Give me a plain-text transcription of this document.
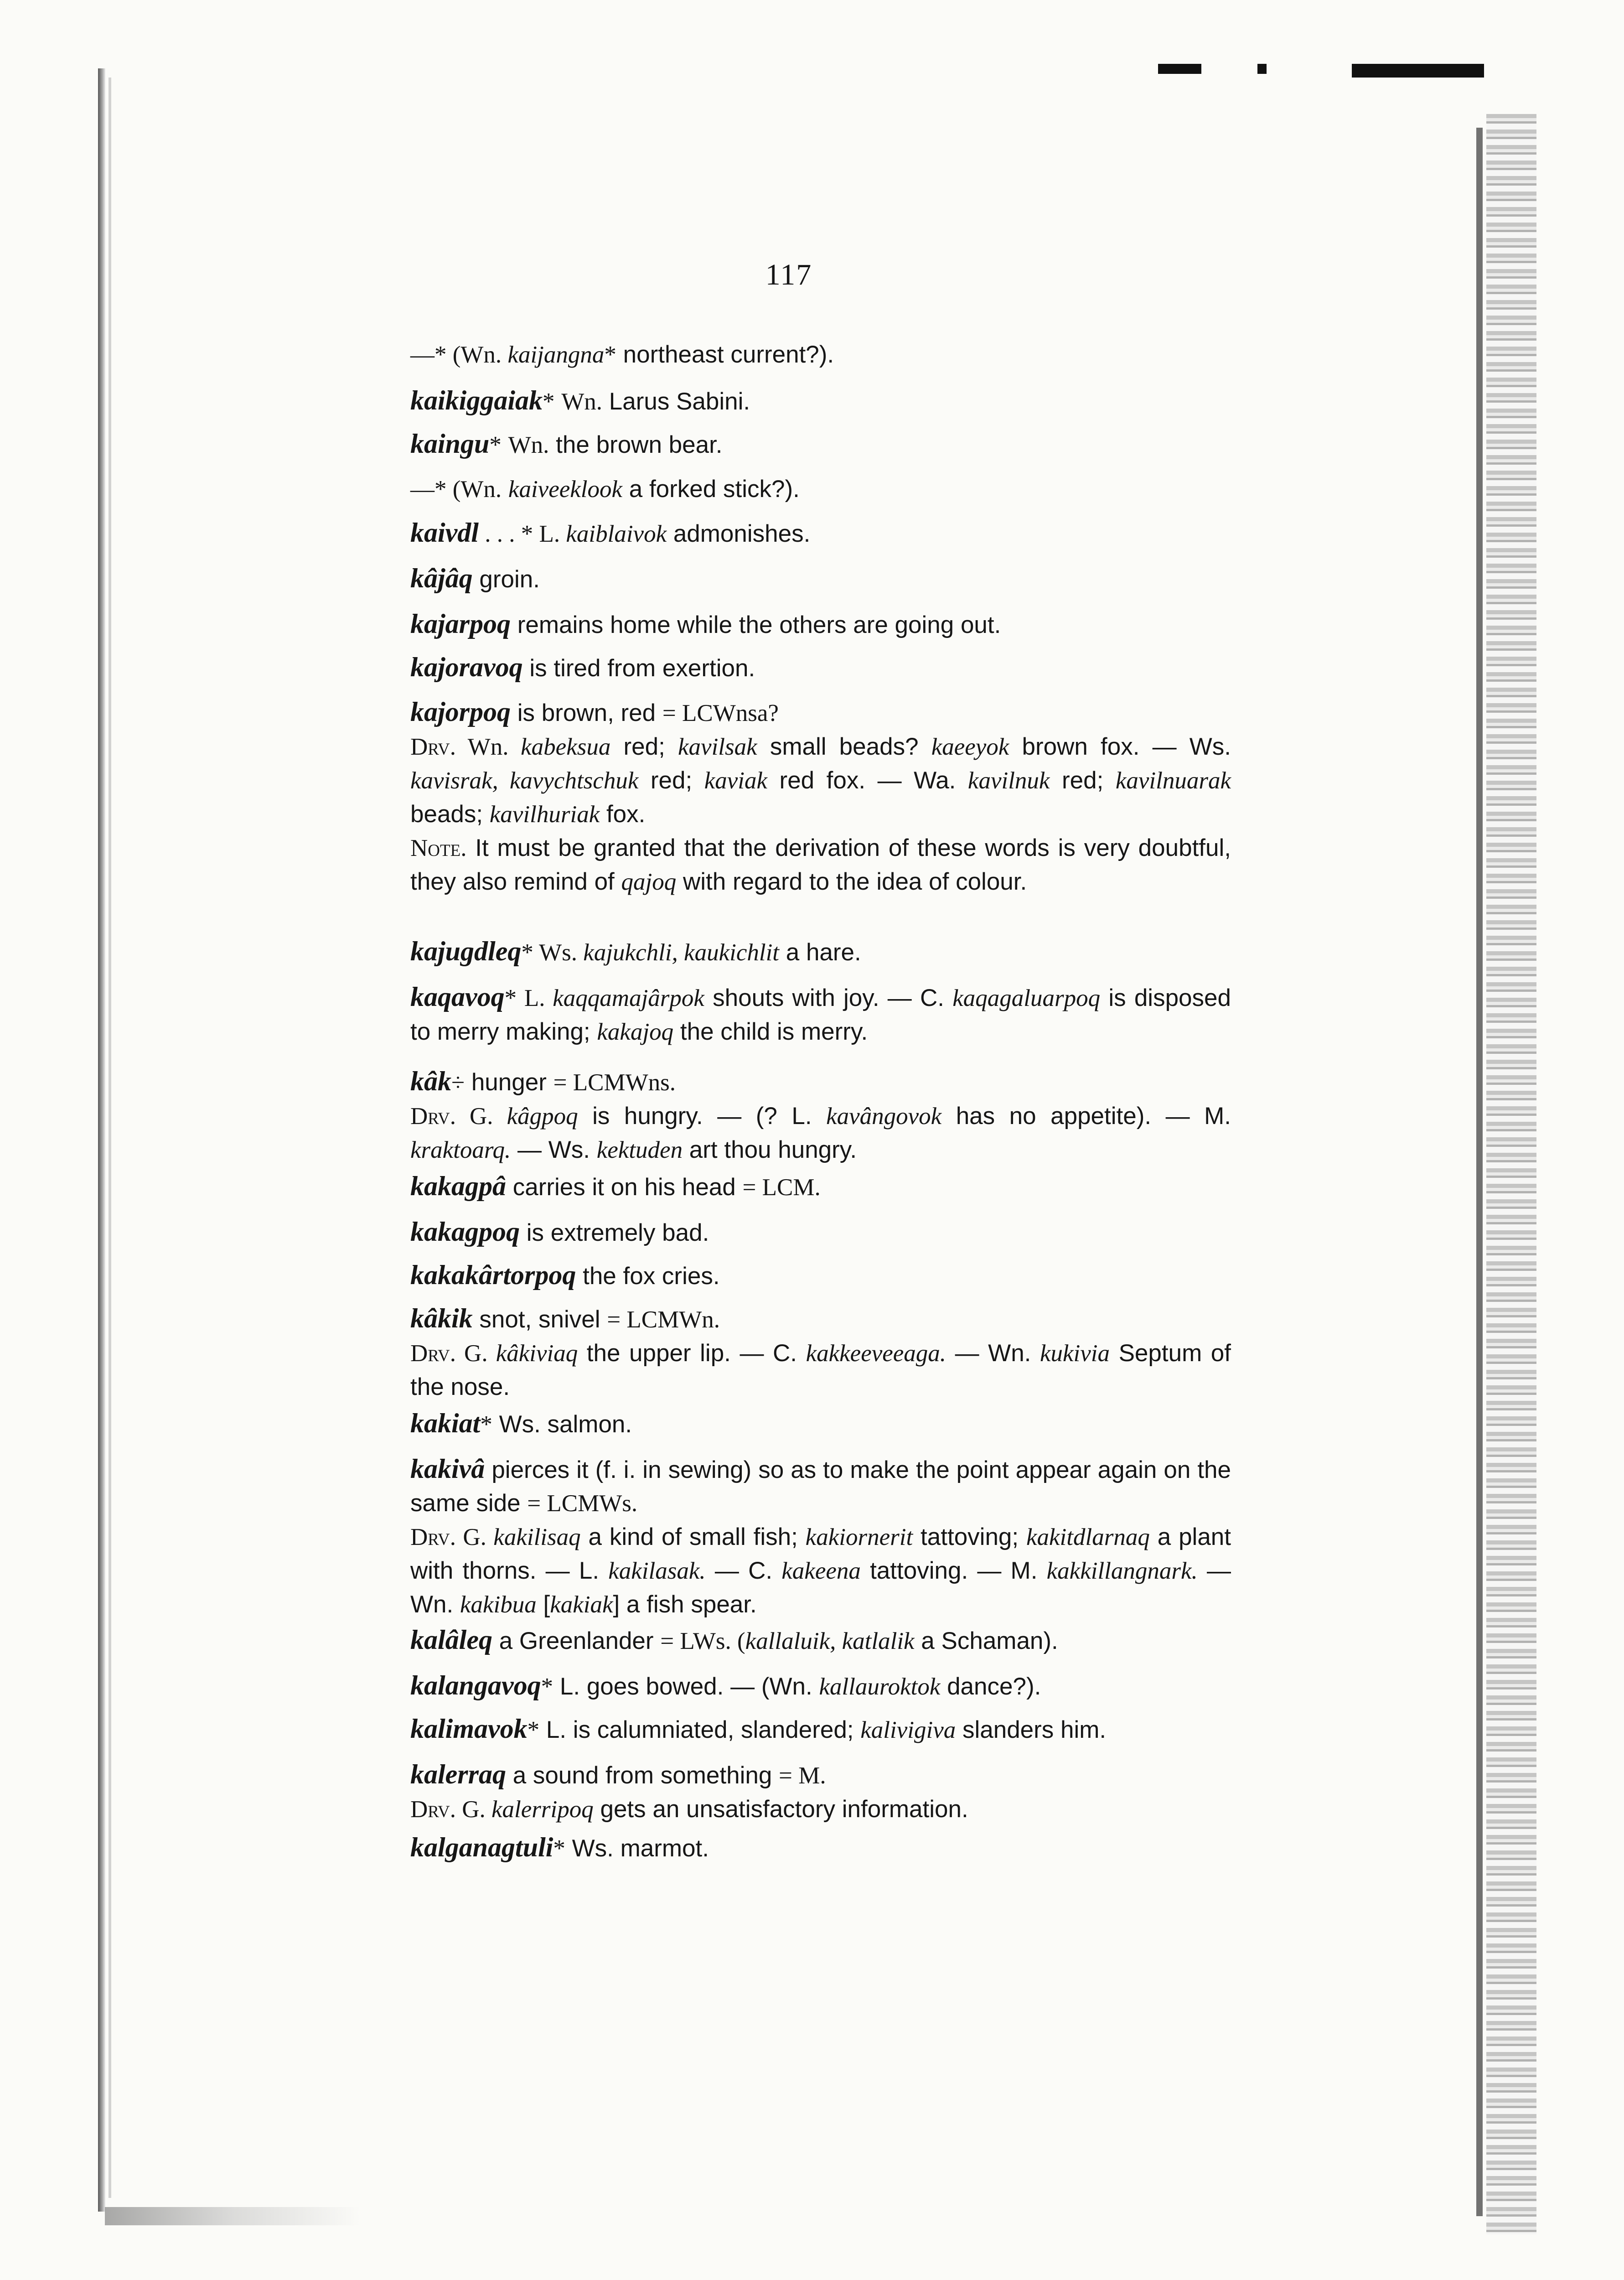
117
—* (Wn. kaijangna* northeast current?).
kaikiggaiak* Wn. Larus Sabini.
kaingu* Wn. the brown bear.
—* (Wn. kaiveeklook a forked stick?).
kaivdl . . . * L. kaiblaivok admonishes.
kâjâq groin.
kajarpoq remains home while the others are going out.
kajoravoq is tired from exertion.
kajorpoq is brown, red = LCWnsa?
Drv. Wn. kabeksua red; kavilsak small beads? kaeeyok brown fox. — Ws. kavisrak, kavychtschuk red; kaviak red fox. — Wa. kavilnuk red; kavilnuarak beads; kavilhuriak fox.
Note. It must be granted that the derivation of these words is very doubtful, they also remind of qajoq with regard to the idea of colour.
kajugdleq* Ws. kajukchli, kaukichlit a hare.
kaqavoq* L. kaqqamajârpok shouts with joy. — C. kaqagaluarpoq is disposed to merry making; kakajoq the child is merry.
kâk÷ hunger = LCMWns.
Drv. G. kâgpoq is hungry. — (? L. kavângovok has no appetite). — M. kraktoarq. — Ws. kektuden art thou hungry.
kakagpâ carries it on his head = LCM.
kakagpoq is extremely bad.
kakakârtorpoq the fox cries.
kâkik snot, snivel = LCMWn.
Drv. G. kâkiviaq the upper lip. — C. kakkeeveeaga. — Wn. kukivia Septum of the nose.
kakiat* Ws. salmon.
kakivâ pierces it (f. i. in sewing) so as to make the point appear again on the same side = LCMWs.
Drv. G. kakilisaq a kind of small fish; kakiornerit tattoving; kakitdlarnaq a plant with thorns. — L. kakilasak. — C. kakeena tattoving. — M. kakkillangnark. — Wn. kakibua [kakiak] a fish spear.
kalâleq a Greenlander = LWs. (kallaluik, katlalik a Schaman).
kalangavoq* L. goes bowed. — (Wn. kallauroktok dance?).
kalimavok* L. is calumniated, slandered; kalivigiva slanders him.
kalerraq a sound from something = M.
Drv. G. kalerripoq gets an unsatisfactory information.
kalganagtuli* Ws. marmot.
